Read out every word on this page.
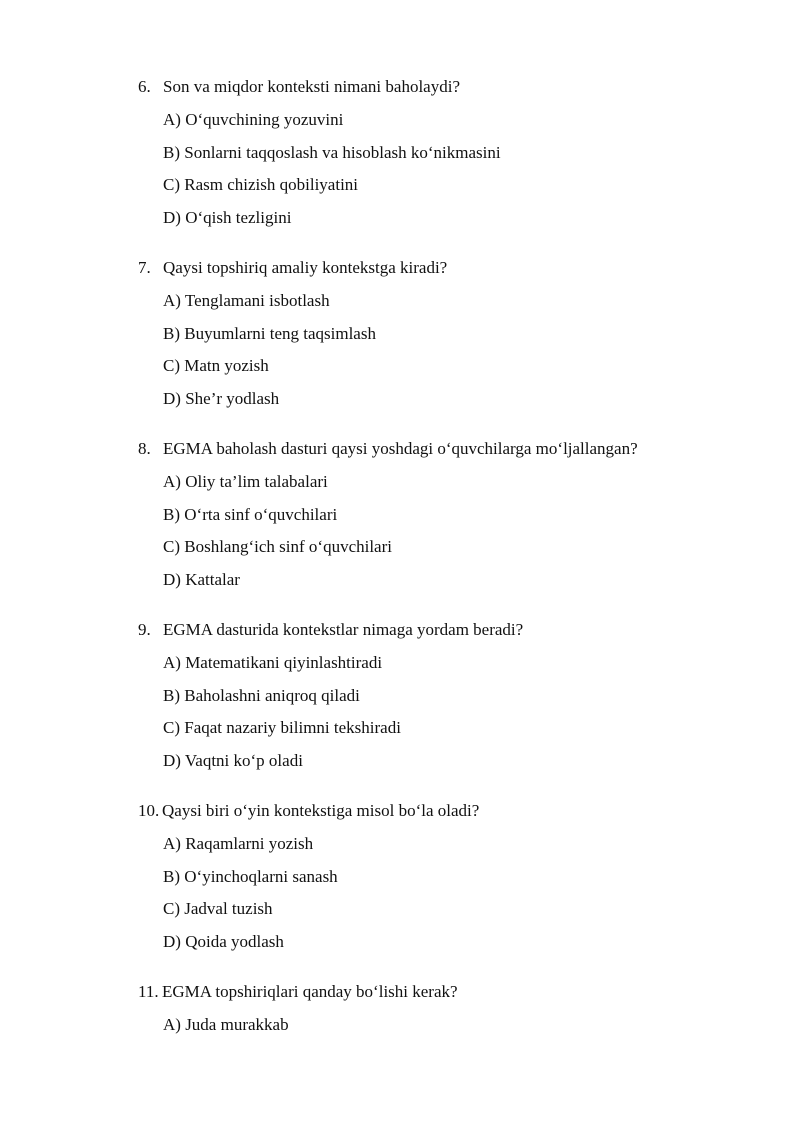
6. Son va miqdor konteksti nimani baholaydi?
A) O‘quvchining yozuvini
B) Sonlarni taqqoslash va hisoblash ko‘nikmasini
C) Rasm chizish qobiliyatini
D) O‘qish tezligini
7. Qaysi topshiriq amaliy kontekstga kiradi?
A) Tenglamani isbotlash
B) Buyumlarni teng taqsimlash
C) Matn yozish
D) She’r yodlash
8. EGMA baholash dasturi qaysi yoshdagi o‘quvchilarga mo‘ljallangan?
A) Oliy ta’lim talabalari
B) O‘rta sinf o‘quvchilari
C) Boshlang‘ich sinf o‘quvchilari
D) Kattalar
9. EGMA dasturida kontekstlar nimaga yordam beradi?
A) Matematikani qiyinlashtiradi
B) Baholashni aniqroq qiladi
C) Faqat nazariy bilimni tekshiradi
D) Vaqtni ko‘p oladi
10. Qaysi biri o‘yin kontekstiga misol bo‘la oladi?
A) Raqamlarni yozish
B) O‘yinchoqlarni sanash
C) Jadval tuzish
D) Qoida yodlash
11. EGMA topshiriqlari qanday bo‘lishi kerak?
A) Juda murakkab
